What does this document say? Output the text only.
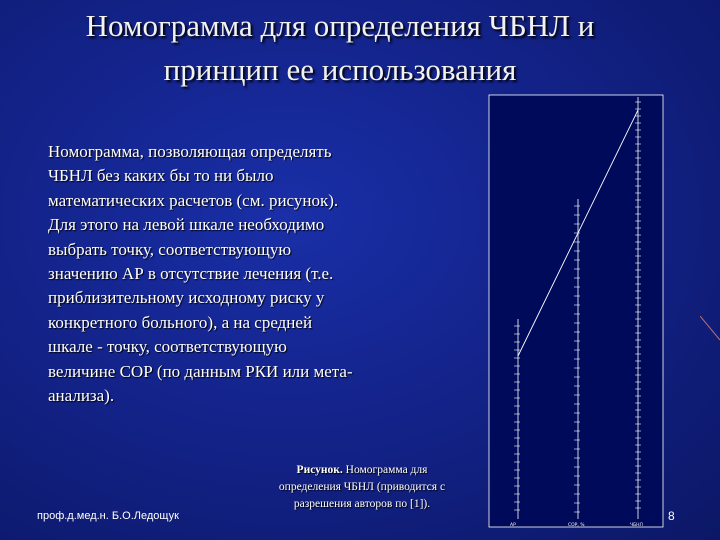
Номограмма для определения ЧБНЛ и
принцип ее использования
Номограмма, позволяющая определять
ЧБНЛ без каких бы то ни было
математических расчетов (см. рисунок).
Для этого на левой шкале необходимо
выбрать точку, соответствующую
значению АР в отсутствие лечения (т.е.
приблизительному исходному риску у
конкретного больного), а на средней
шкале - точку, соответствующую
величине СОР (по данным РКИ или мета-
анализа).
АР	СОР, %	ЧБНЛ
Рисунок. Номограмма для
определения ЧБНЛ (приводится с
разрешения авторов по [1]).
проф.д.мед.н. Б.О.Ледощук	8
